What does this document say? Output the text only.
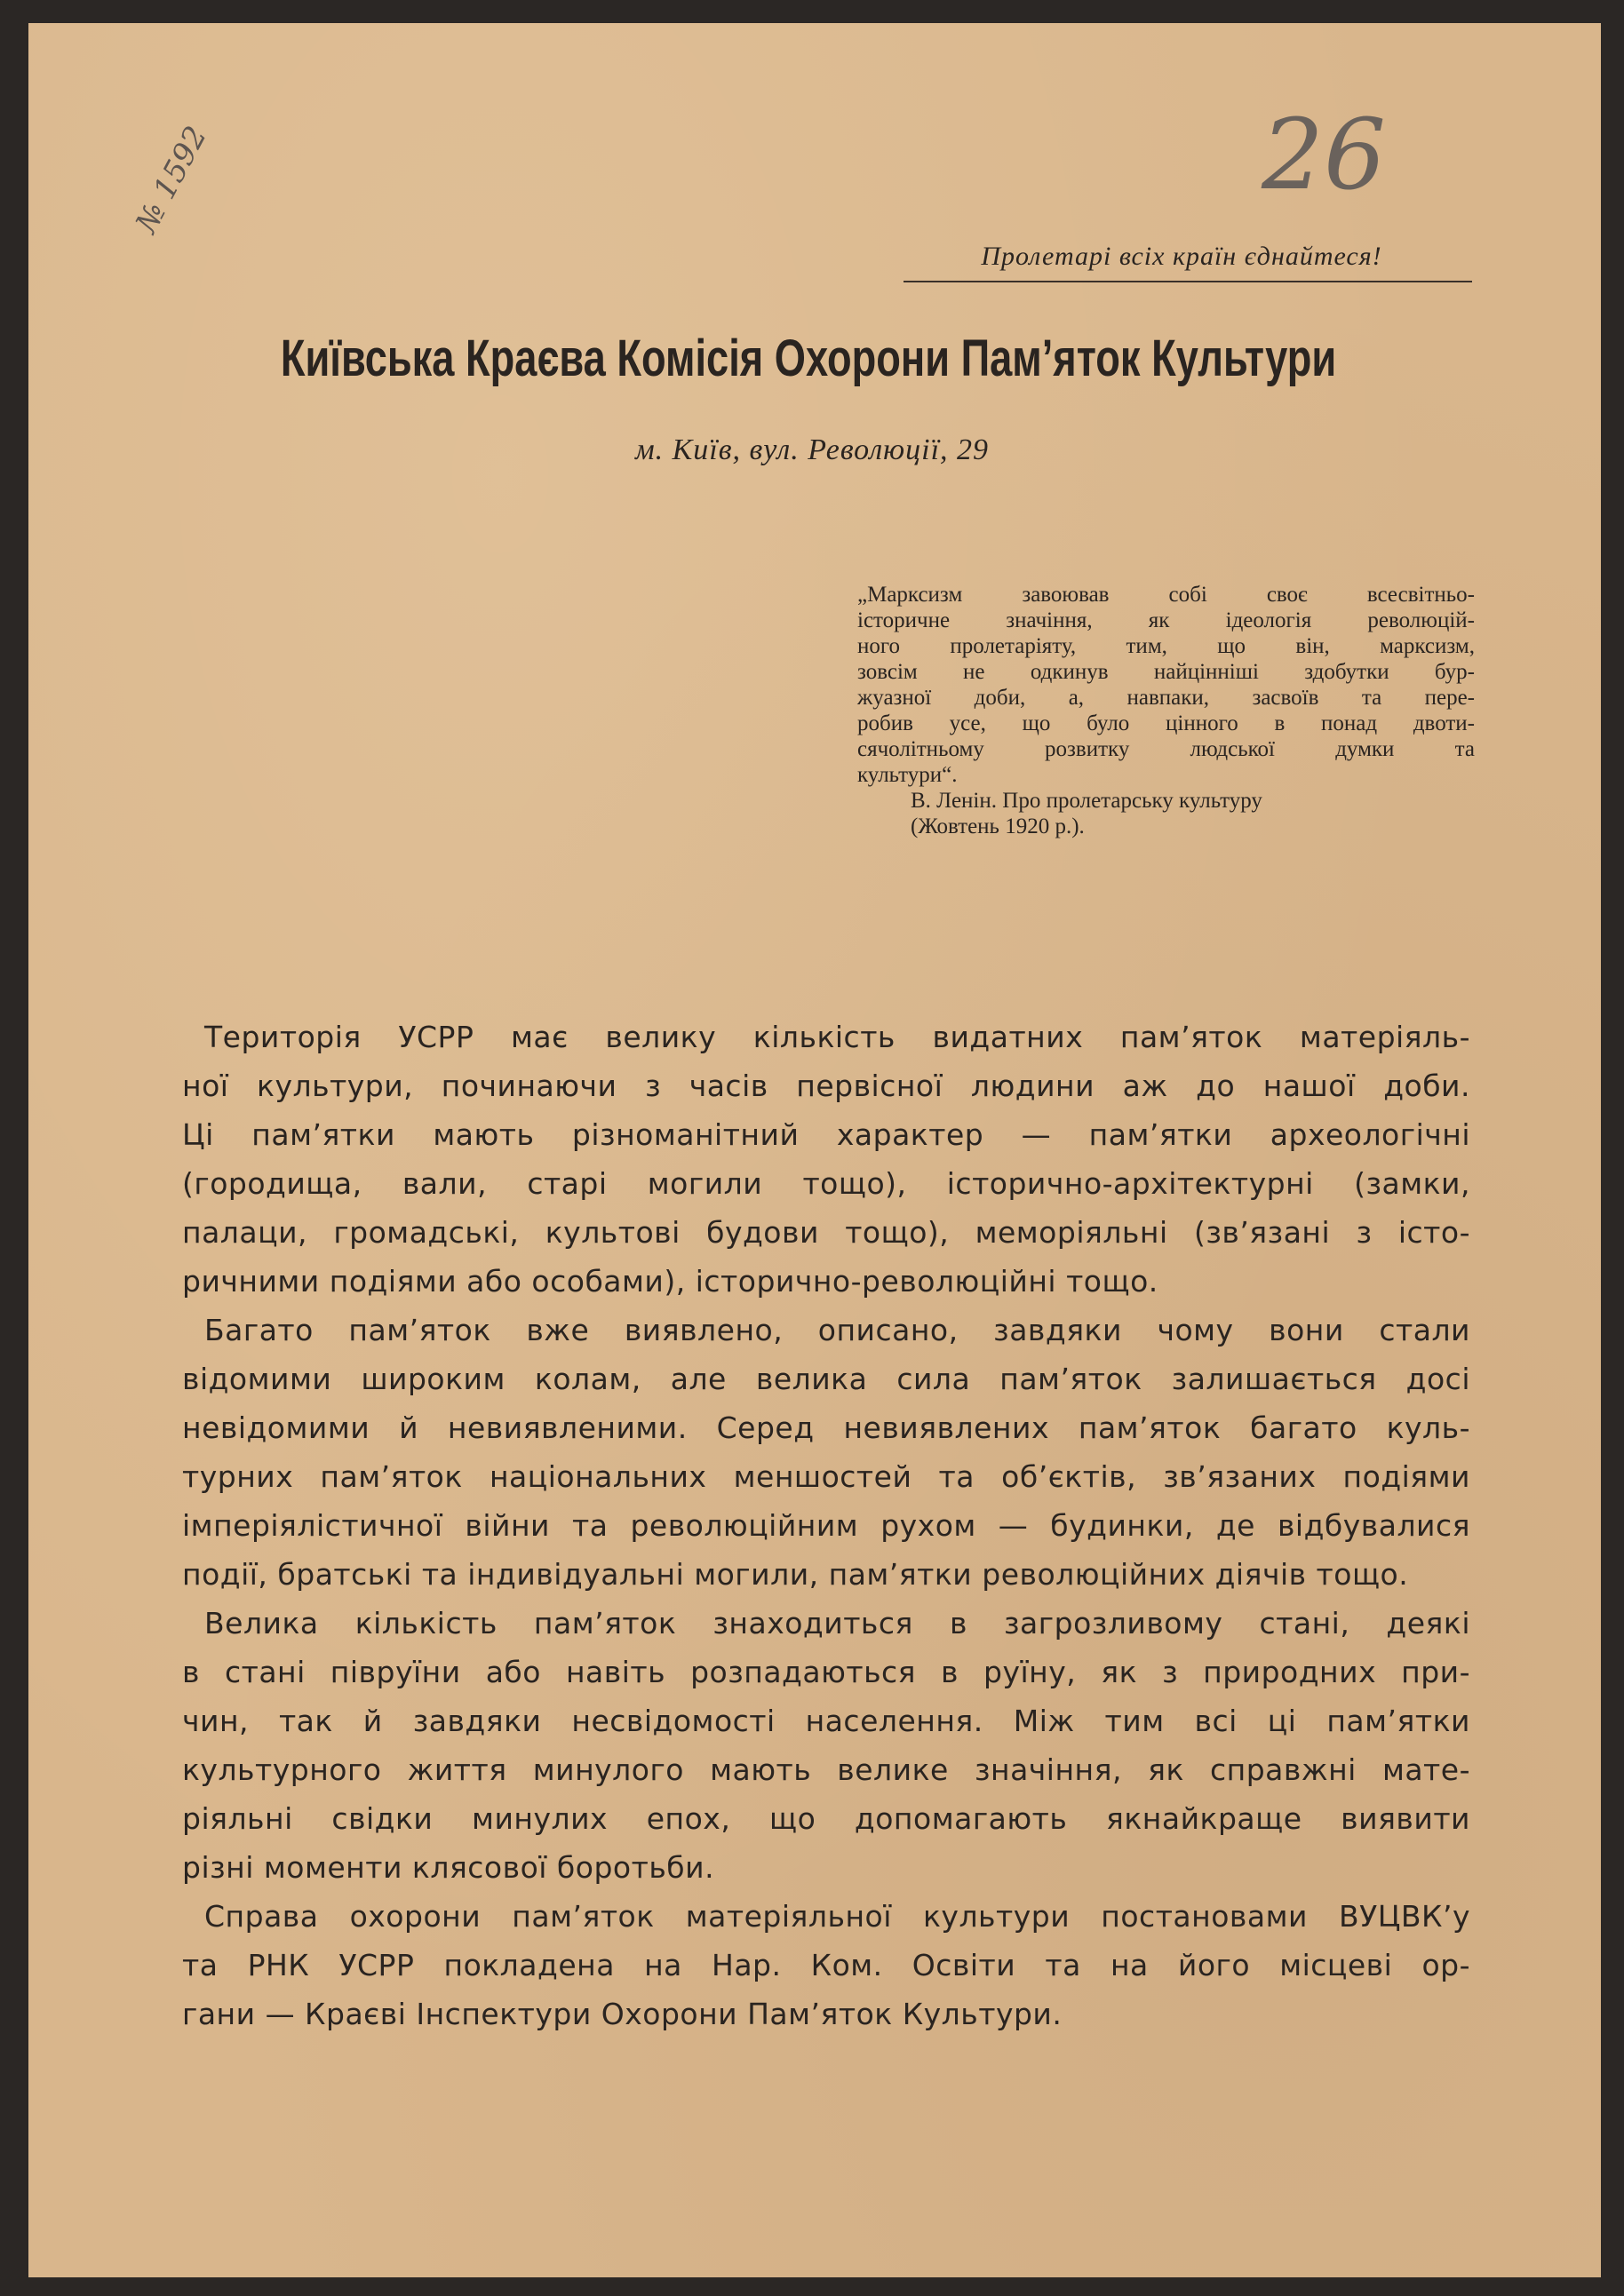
№ 1592	26
Пролетарі всіх країн єднайтеся!
Київська Краєва Комісія Охорони Пам’яток Культури
м. Київ, вул. Революції, 29
„Марксизм завоював собі своє всесвітньо-
історичне значіння, як ідеологія революцій-
ного пролетаріяту, тим, що він, марксизм,
зовсім не одкинув найцінніші здобутки бур-
жуазної доби, а, навпаки, засвоїв та пере-
робив усе, що було цінного в понад двоти-
сячолітньому розвитку людської думки та
культури“.
В. Ленін. Про пролетарську культуру
(Жовтень 1920 р.).
Територія УСРР має велику кількість видатних пам’яток матеріяль-
ної культури, починаючи з часів первісної людини аж до нашої доби.
Ці пам’ятки мають різноманітний характер — пам’ятки археологічні
(городища, вали, старі могили тощо), історично-архітектурні (замки,
палаци, громадські, культові будови тощо), меморіяльні (зв’язані з істо-
ричними подіями або особами), історично-революційні тощо.
Багато пам’яток вже виявлено, описано, завдяки чому вони стали
відомими широким колам, але велика сила пам’яток залишається досі
невідомими й невиявленими. Серед невиявлених пам’яток багато куль-
турних пам’яток національних меншостей та об’єктів, зв’язаних подіями
імперіялістичної війни та революційним рухом — будинки, де відбувалися
події, братські та індивідуальні могили, пам’ятки революційних діячів тощо.
Велика кількість пам’яток знаходиться в загрозливому стані, деякі
в стані півруїни або навіть розпадаються в руїну, як з природних при-
чин, так й завдяки несвідомості населення. Між тим всі ці пам’ятки
культурного життя минулого мають велике значіння, як справжні мате-
ріяльні свідки минулих епох, що допомагають якнайкраще виявити
різні моменти клясової боротьби.
Справа охорони пам’яток матеріяльної культури постановами ВУЦВК’у
та РНК УСРР покладена на Нар. Ком. Освіти та на його місцеві ор-
гани — Краєві Інспектури Охорони Пам’яток Культури.
